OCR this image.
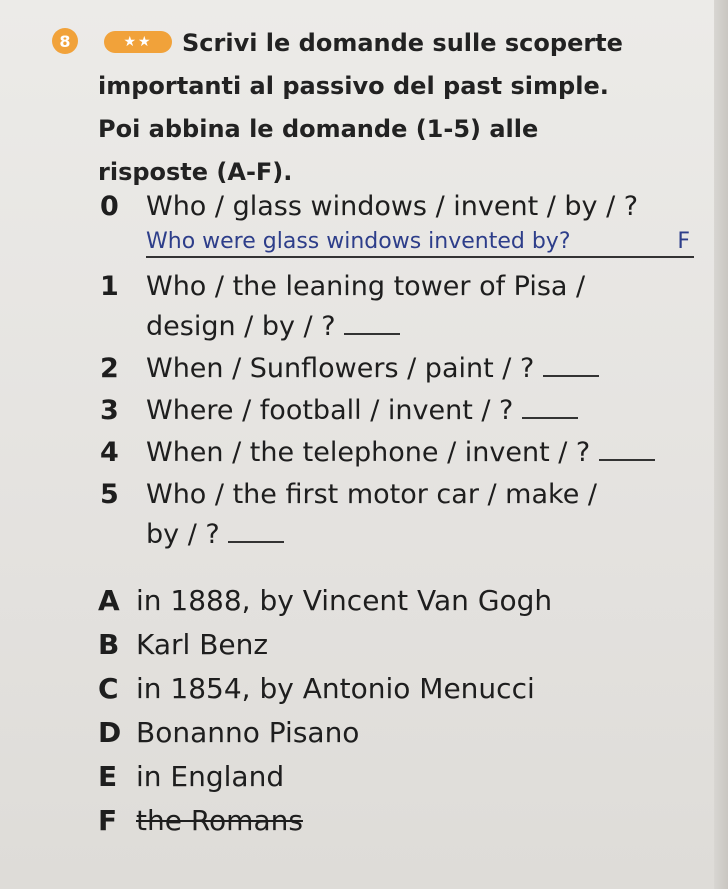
8	★★	Scrivi le domande sulle scoperte
importanti al passivo del past simple.
Poi abbina le domande (1-5) alle
risposte (A-F).
0 Who / glass windows / invent / by / ?
Who were glass windows invented by?	F
1 Who / the leaning tower of Pisa /
design / by / ?
2 When / Sunflowers / paint / ?
3 Where / football / invent / ?
4 When / the telephone / invent / ?
5 Who / the first motor car / make /
by / ?
A in 1888, by Vincent Van Gogh
B Karl Benz
C in 1854, by Antonio Menucci
D Bonanno Pisano
E in England
F the Romans
